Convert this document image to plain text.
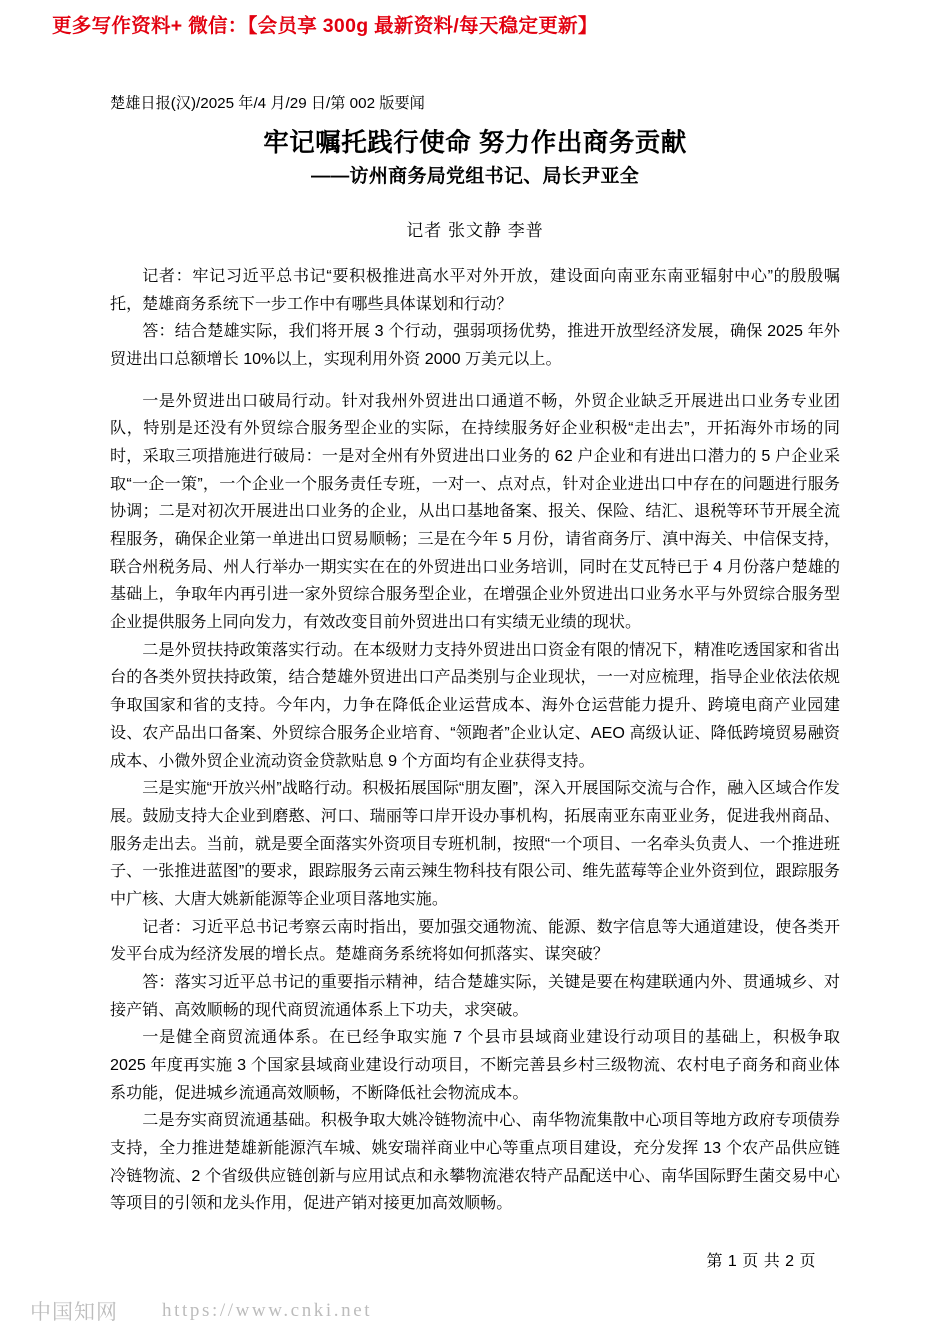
更多写作资料+ 微信：【会员享 300g 最新资料/每天稳定更新】
楚雄日报(汉)/2025 年/4 月/29 日/第 002 版要闻
牢记嘱托践行使命 努力作出商务贡献
——访州商务局党组书记、局长尹亚全
记者 张文静 李普

记者：牢记习近平总书记“要积极推进高水平对外开放，建设面向南亚东南亚辐射中心”的殷殷嘱托，楚雄商务系统下一步工作中有哪些具体谋划和行动？

答：结合楚雄实际，我们将开展 3 个行动，强弱项扬优势，推进开放型经济发展，确保 2025 年外贸进出口总额增长 10%以上，实现利用外资 2000 万美元以上。

一是外贸进出口破局行动。针对我州外贸进出口通道不畅，外贸企业缺乏开展进出口业务专业团队，特别是还没有外贸综合服务型企业的实际，在持续服务好企业积极“走出去”，开拓海外市场的同时，采取三项措施进行破局：一是对全州有外贸进出口业务的 62 户企业和有进出口潜力的 5 户企业采取“一企一策”，一个企业一个服务责任专班，一对一、点对点，针对企业进出口中存在的问题进行服务协调；二是对初次开展进出口业务的企业，从出口基地备案、报关、保险、结汇、退税等环节开展全流程服务，确保企业第一单进出口贸易顺畅；三是在今年 5 月份，请省商务厅、滇中海关、中信保支持，联合州税务局、州人行举办一期实实在在的外贸进出口业务培训，同时在艾瓦特已于 4 月份落户楚雄的基础上，争取年内再引进一家外贸综合服务型企业，在增强企业外贸进出口业务水平与外贸综合服务型企业提供服务上同向发力，有效改变目前外贸进出口有实绩无业绩的现状。

二是外贸扶持政策落实行动。在本级财力支持外贸进出口资金有限的情况下，精准吃透国家和省出台的各类外贸扶持政策，结合楚雄外贸进出口产品类别与企业现状，一一对应梳理，指导企业依法依规争取国家和省的支持。今年内，力争在降低企业运营成本、海外仓运营能力提升、跨境电商产业园建设、农产品出口备案、外贸综合服务企业培育、“领跑者”企业认定、AEO 高级认证、降低跨境贸易融资成本、小微外贸企业流动资金贷款贴息 9 个方面均有企业获得支持。

三是实施“开放兴州”战略行动。积极拓展国际“朋友圈”，深入开展国际交流与合作，融入区域合作发展。鼓励支持大企业到磨憨、河口、瑞丽等口岸开设办事机构，拓展南亚东南亚业务，促进我州商品、服务走出去。当前，就是要全面落实外资项目专班机制，按照“一个项目、一名牵头负责人、一个推进班子、一张推进蓝图”的要求，跟踪服务云南云辣生物科技有限公司、维先蓝莓等企业外资到位，跟踪服务中广核、大唐大姚新能源等企业项目落地实施。

记者：习近平总书记考察云南时指出，要加强交通物流、能源、数字信息等大通道建设，使各类开发平台成为经济发展的增长点。楚雄商务系统将如何抓落实、谋突破？

答：落实习近平总书记的重要指示精神，结合楚雄实际，关键是要在构建联通内外、贯通城乡、对接产销、高效顺畅的现代商贸流通体系上下功夫，求突破。

一是健全商贸流通体系。在已经争取实施 7 个县市县域商业建设行动项目的基础上，积极争取 2025 年度再实施 3 个国家县域商业建设行动项目，不断完善县乡村三级物流、农村电子商务和商业体系功能，促进城乡流通高效顺畅，不断降低社会物流成本。

二是夯实商贸流通基础。积极争取大姚冷链物流中心、南华物流集散中心项目等地方政府专项债券支持，全力推进楚雄新能源汽车城、姚安瑞祥商业中心等重点项目建设，充分发挥 13 个农产品供应链冷链物流、2 个省级供应链创新与应用试点和永攀物流港农特产品配送中心、南华国际野生菌交易中心等项目的引领和龙头作用，促进产销对接更加高效顺畅。

第 1 页 共 2 页
中国知网 https://www.cnki.net
